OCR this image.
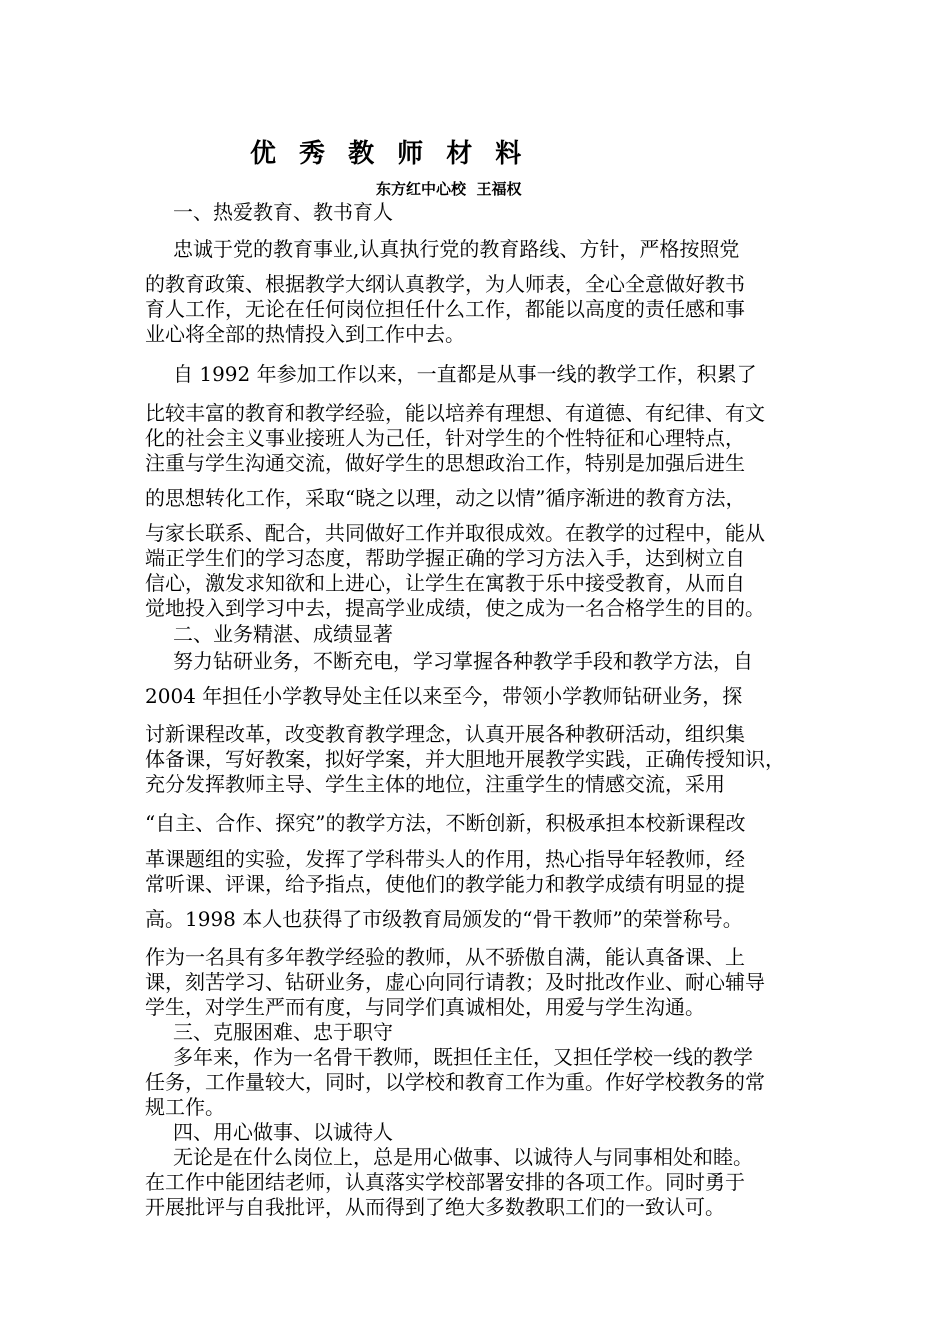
优 秀 教 师 材 料
东方红中心校  王福权
一、热爱教育、教书育人
忠诚于党的教育事业,认真执行党的教育路线、方针，严格按照党
的教育政策、根据教学大纲认真教学，为人师表，全心全意做好教书
育人工作，无论在任何岗位担任什么工作，都能以高度的责任感和事
业心将全部的热情投入到工作中去。
自 1992 年参加工作以来，一直都是从事一线的教学工作，积累了
比较丰富的教育和教学经验，能以培养有理想、有道德、有纪律、有文
化的社会主义事业接班人为己任，针对学生的个性特征和心理特点，
注重与学生沟通交流，做好学生的思想政治工作，特别是加强后进生
的思想转化工作，采取“晓之以理，动之以情”循序渐进的教育方法，
与家长联系、配合，共同做好工作并取很成效。在教学的过程中，能从
端正学生们的学习态度，帮助学握正确的学习方法入手，达到树立自
信心，激发求知欲和上进心，让学生在寓教于乐中接受教育，从而自
觉地投入到学习中去，提高学业成绩，使之成为一名合格学生的目的。
二、业务精湛、成绩显著
努力钻研业务，不断充电，学习掌握各种教学手段和教学方法，自
2004 年担任小学教导处主任以来至今，带领小学教师钻研业务，探
讨新课程改革，改变教育教学理念，认真开展各种教研活动，组织集
体备课，写好教案，拟好学案，并大胆地开展教学实践，正确传授知识，
充分发挥教师主导、学生主体的地位，注重学生的情感交流，采用
“自主、合作、探究”的教学方法，不断创新，积极承担本校新课程改
革课题组的实验，发挥了学科带头人的作用，热心指导年轻教师，经
常听课、评课，给予指点，使他们的教学能力和教学成绩有明显的提
高。1998 本人也获得了市级教育局颁发的“骨干教师”的荣誉称号。
作为一名具有多年教学经验的教师，从不骄傲自满，能认真备课、上
课，刻苦学习、钻研业务，虚心向同行请教；及时批改作业、耐心辅导
学生，对学生严而有度，与同学们真诚相处，用爱与学生沟通。
三、克服困难、忠于职守
多年来，作为一名骨干教师，既担任主任，又担任学校一线的教学
任务，工作量较大，同时，以学校和教育工作为重。作好学校教务的常
规工作。
四、用心做事、以诚待人
无论是在什么岗位上，总是用心做事、以诚待人与同事相处和睦。
在工作中能团结老师，认真落实学校部署安排的各项工作。同时勇于
开展批评与自我批评，从而得到了绝大多数教职工们的一致认可。
